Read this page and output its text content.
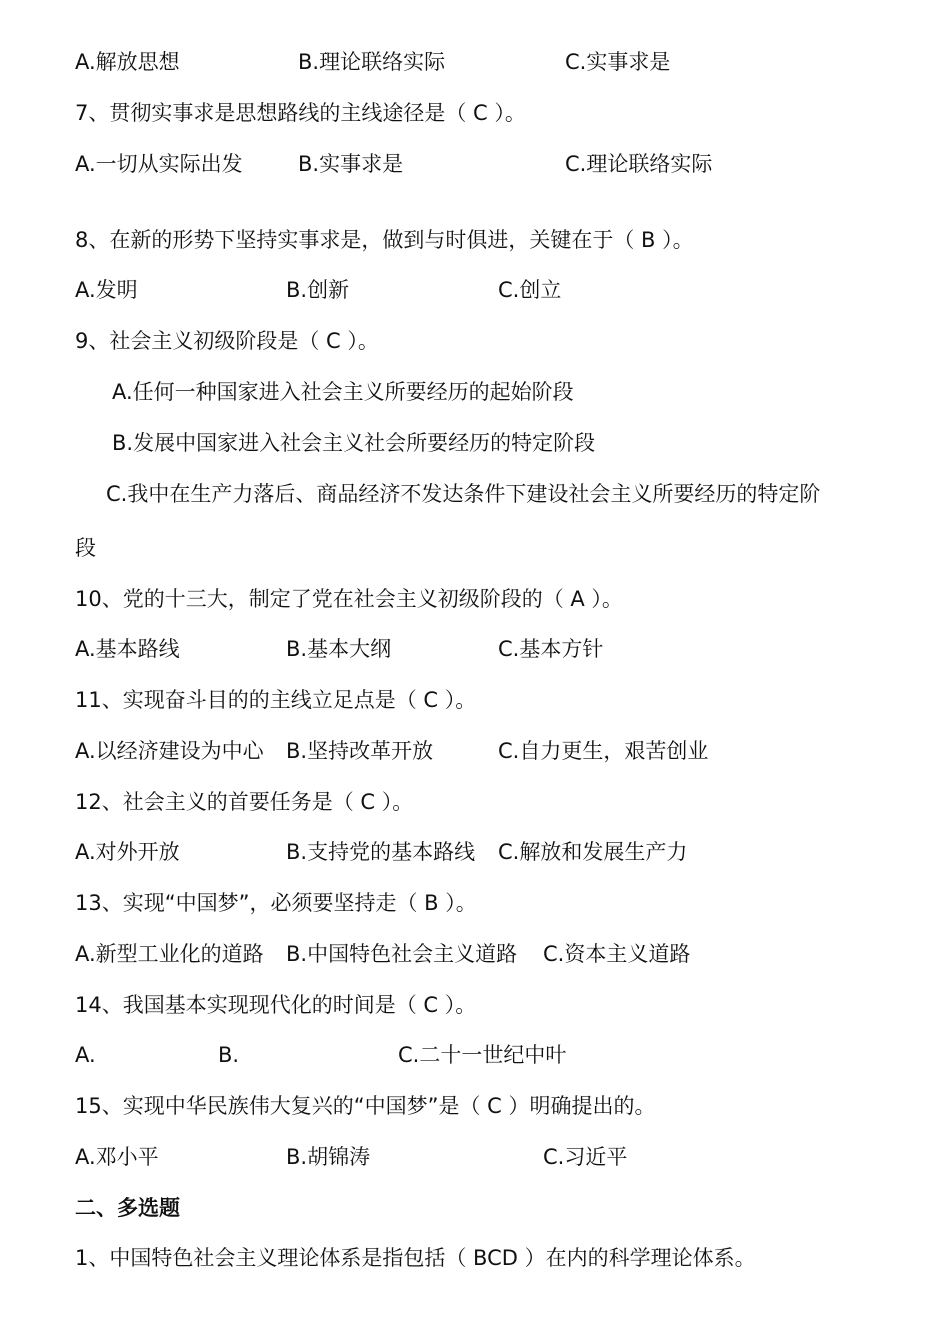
A.解放思想	B.理论联络实际	C.实事求是
7、贯彻实事求是思想路线的主线途径是（ C ）。
A.一切从实际出发	B.实事求是	C.理论联络实际
8、在新的形势下坚持实事求是，做到与时俱进，关键在于（ B ）。
A.发明	B.创新	C.创立
9、社会主义初级阶段是（ C ）。
A.任何一种国家进入社会主义所要经历的起始阶段
B.发展中国家进入社会主义社会所要经历的特定阶段
C.我中在生产力落后、商品经济不发达条件下建设社会主义所要经历的特定阶
段
10、党的十三大，制定了党在社会主义初级阶段的（ A ）。
A.基本路线	B.基本大纲	C.基本方针
11、实现奋斗目的的主线立足点是（ C ）。
A.以经济建设为中心 B.坚持改革开放	C.自力更生，艰苦创业
12、社会主义的首要任务是（ C ）。
A.对外开放	B.支持党的基本路线 C.解放和发展生产力
13、实现“中国梦”，必须要坚持走（ B ）。
A.新型工业化的道路 B.中国特色社会主义道路 C.资本主义道路
14、我国基本实现现代化的时间是（ C ）。
A.	B.	C.二十一世纪中叶
15、实现中华民族伟大复兴的“中国梦”是（ C ）明确提出的。
A.邓小平	B.胡锦涛	C.习近平
二、多选题
1、中国特色社会主义理论体系是指包括（ BCD ）在内的科学理论体系。
